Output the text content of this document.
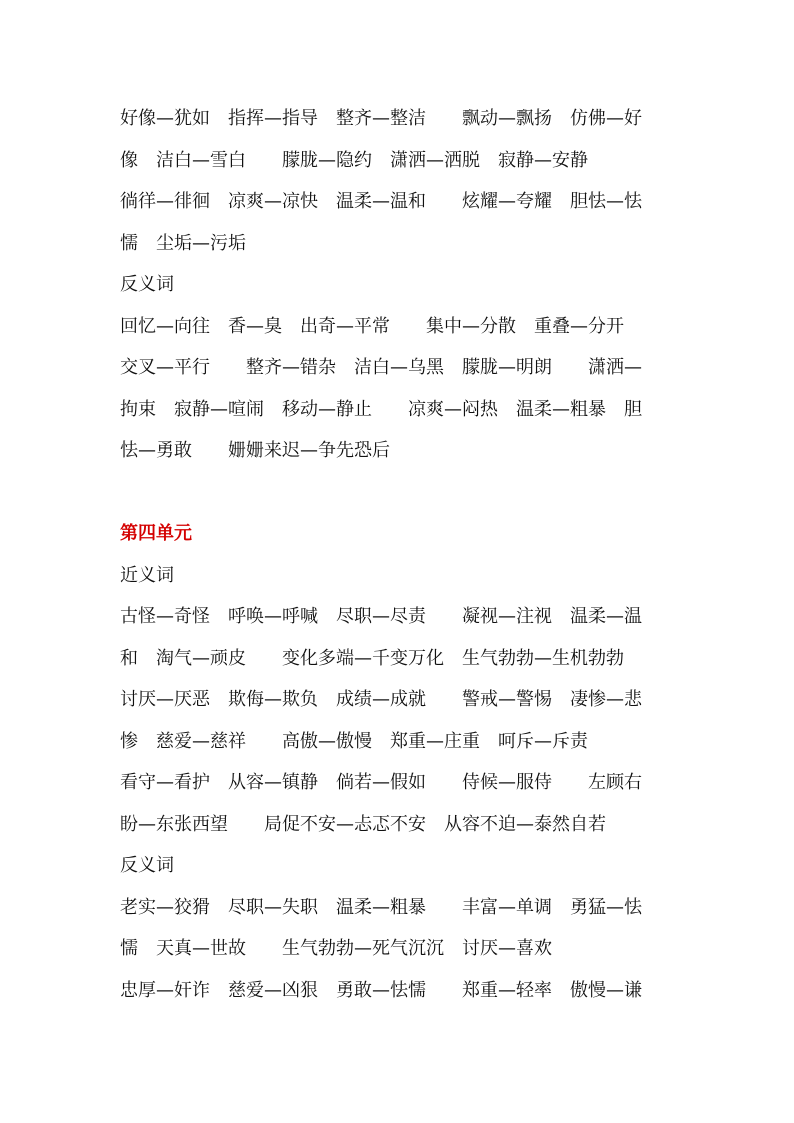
好像—犹如　指挥—指导　整齐—整洁　　飘动—飘扬　仿佛—好
像　洁白—雪白　　朦胧—隐约　潇洒—洒脱　寂静—安静
徜徉—徘徊　凉爽—凉快　温柔—温和　　炫耀—夸耀　胆怯—怯
懦　尘垢—污垢
反义词
回忆—向往　香—臭　出奇—平常　　集中—分散　重叠—分开
交叉—平行　　整齐—错杂　洁白—乌黑　朦胧—明朗　　潇洒—
拘束　寂静—喧闹　移动—静止　　凉爽—闷热　温柔—粗暴　胆
怯—勇敢　　姗姗来迟—争先恐后
第四单元
近义词
古怪—奇怪　呼唤—呼喊　尽职—尽责　　凝视—注视　温柔—温
和　淘气—顽皮　　变化多端—千变万化　生气勃勃—生机勃勃
讨厌—厌恶　欺侮—欺负　成绩—成就　　警戒—警惕　凄惨—悲
惨　慈爱—慈祥　　高傲—傲慢　郑重—庄重　呵斥—斥责
看守—看护　从容—镇静　倘若—假如　　侍候—服侍　　左顾右
盼—东张西望　　局促不安—忐忑不安　从容不迫—泰然自若
反义词
老实—狡猾　尽职—失职　温柔—粗暴　　丰富—单调　勇猛—怯
懦　天真—世故　　生气勃勃—死气沉沉　讨厌—喜欢
忠厚—奸诈　慈爱—凶狠　勇敢—怯懦　　郑重—轻率　傲慢—谦
